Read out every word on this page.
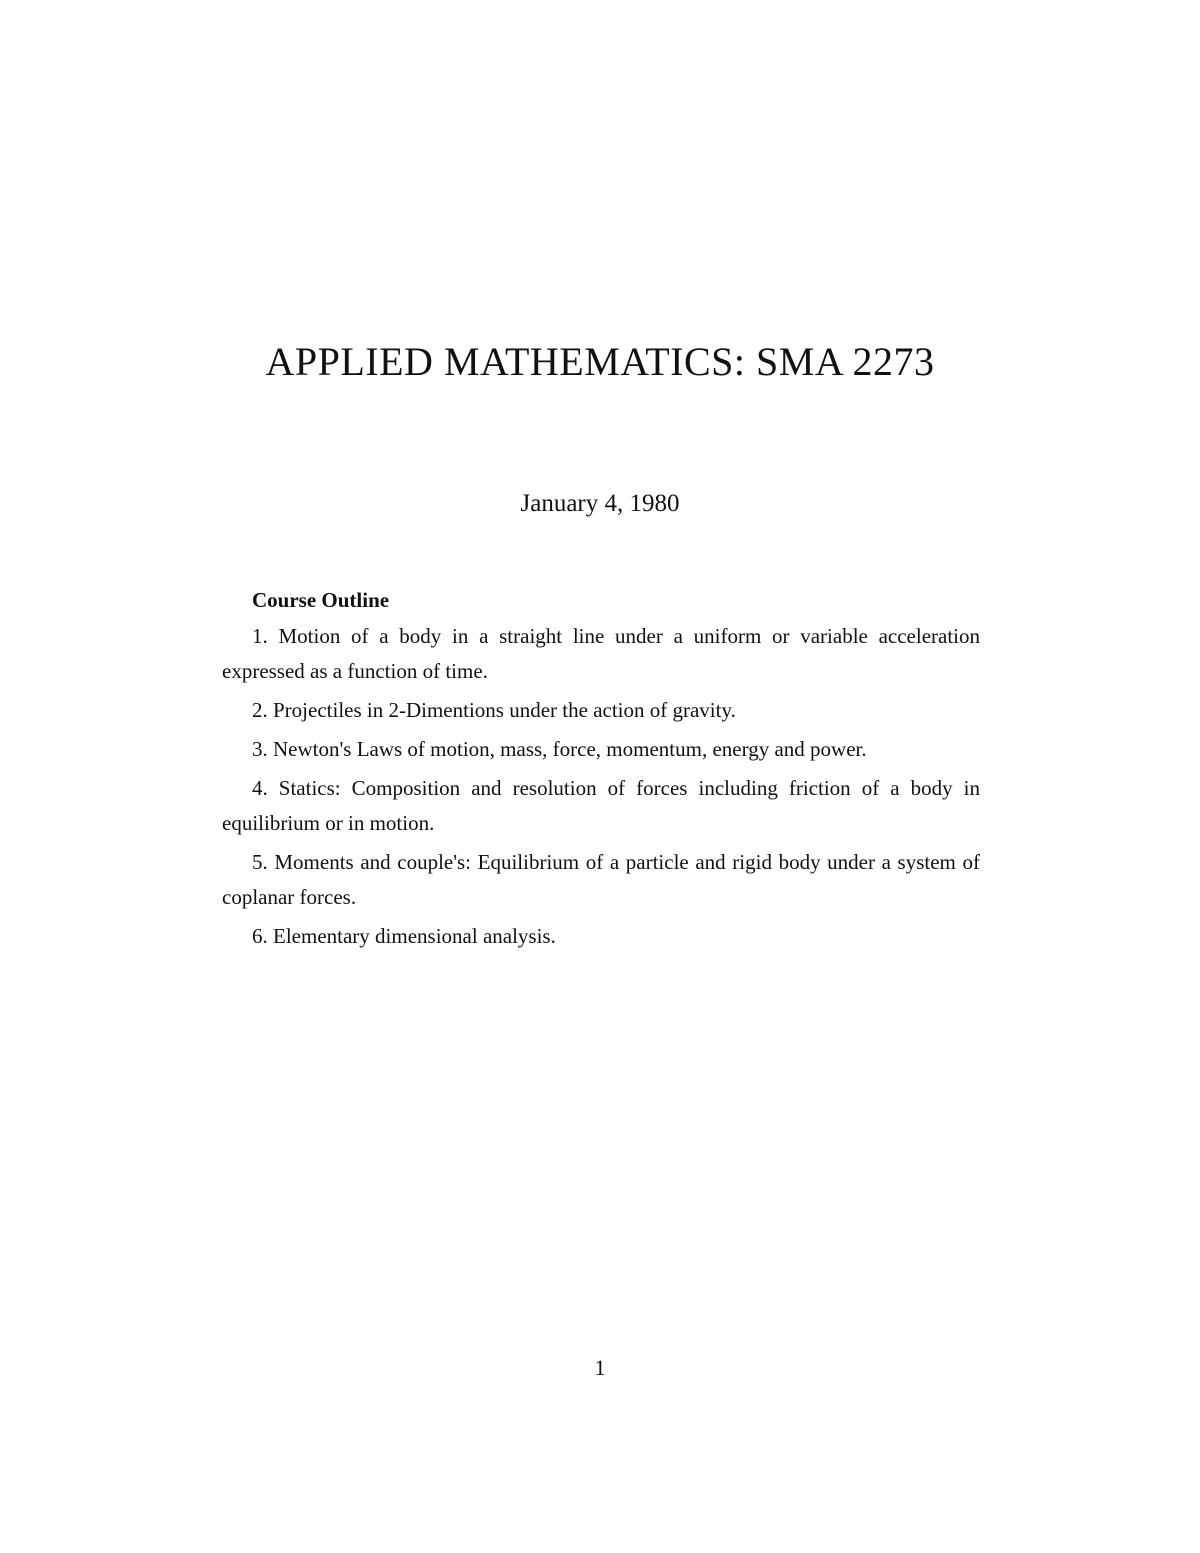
APPLIED MATHEMATICS: SMA 2273
January 4, 1980
Course Outline

1. Motion of a body in a straight line under a uniform or variable acceleration expressed as a function of time.

2. Projectiles in 2-Dimentions under the action of gravity.

3. Newton's Laws of motion, mass, force, momentum, energy and power.

4. Statics: Composition and resolution of forces including friction of a body in equilibrium or in motion.

5. Moments and couple's: Equilibrium of a particle and rigid body under a system of coplanar forces.

6. Elementary dimensional analysis.

1
